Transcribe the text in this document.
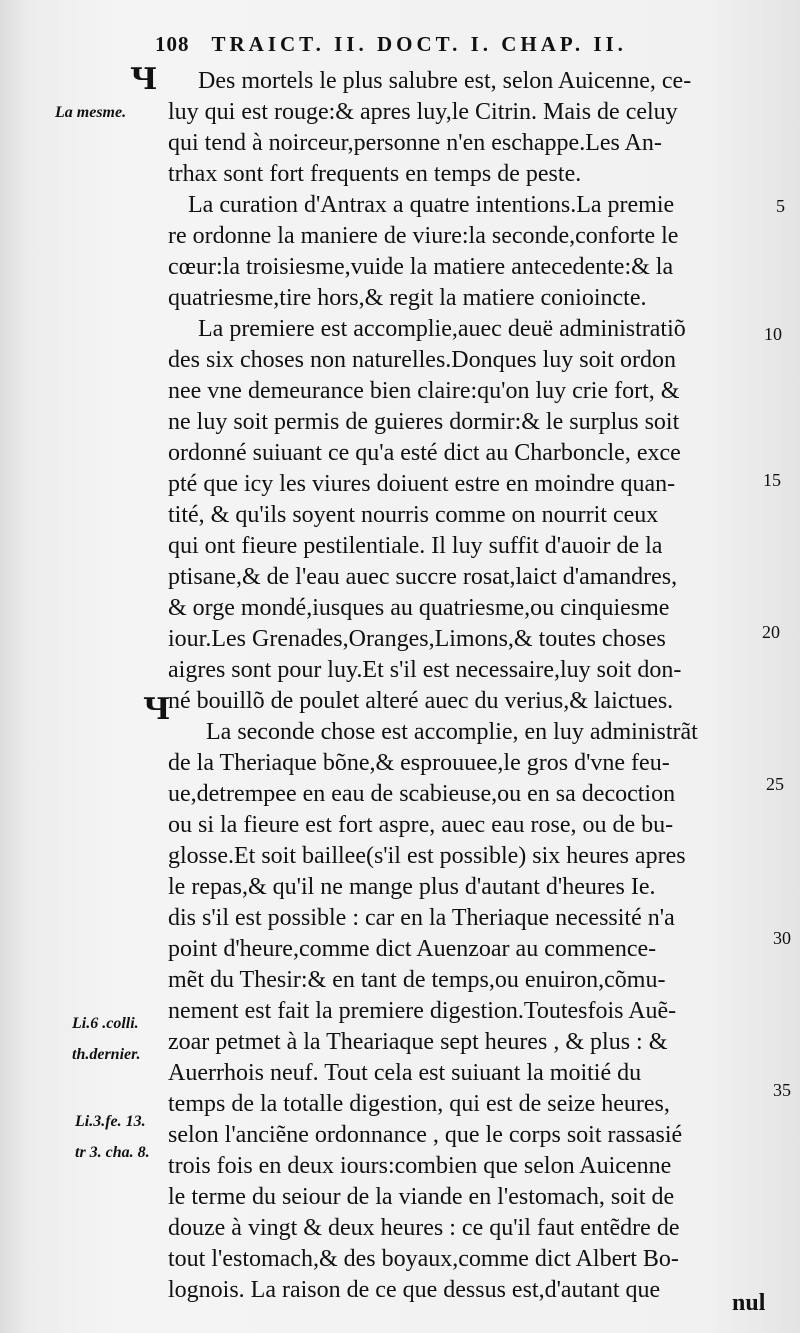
108 TRAICT. II. DOCT. I. CHAP. II.
Ч
Ч
La mesme.
Li.6 .colli.
th.dernier.
Li.3.fe. 13.
tr 3. cha. 8.
5
10
15
20
25
30
35
Des mortels le plus salubre est, selon Auicenne, ce-
luy qui est rouge:& apres luy,le Citrin. Mais de celuy
qui tend à noirceur,personne n'en eschappe.Les An-
trhax sont fort frequents en temps de peste.
La curation d'Antrax a quatre intentions.La premie
re ordonne la maniere de viure:la seconde,conforte le
cœur:la troisiesme,vuide la matiere antecedente:& la
quatriesme,tire hors,& regit la matiere conioincte.
La premiere est accomplie,auec deuë administratiõ
des six choses non naturelles.Donques luy soit ordon
nee vne demeurance bien claire:qu'on luy crie fort, &
ne luy soit permis de guieres dormir:& le surplus soit
ordonné suiuant ce qu'a esté dict au Charboncle, exce
pté que icy les viures doiuent estre en moindre quan-
tité, & qu'ils soyent nourris comme on nourrit ceux
qui ont fieure pestilentiale. Il luy suffit d'auoir de la
ptisane,& de l'eau auec succre rosat,laict d'amandres,
& orge mondé,iusques au quatriesme,ou cinquiesme
iour.Les Grenades,Oranges,Limons,& toutes choses
aigres sont pour luy.Et s'il est necessaire,luy soit don-
né bouillõ de poulet alteré auec du verius,& laictues.
La seconde chose est accomplie, en luy administrãt
de la Theriaque bõne,& esprouuee,le gros d'vne feu-
ue,detrempee en eau de scabieuse,ou en sa decoction
ou si la fieure est fort aspre, auec eau rose, ou de bu-
glosse.Et soit baillee(s'il est possible) six heures apres
le repas,& qu'il ne mange plus d'autant d'heures Ie.
dis s'il est possible : car en la Theriaque necessité n'a
point d'heure,comme dict Auenzoar au commence-
mẽt du Thesir:& en tant de temps,ou enuiron,cõmu-
nement est fait la premiere digestion.Toutesfois Auẽ-
zoar petmet à la Theariaque sept heures , & plus : &
Auerrhois neuf. Tout cela est suiuant la moitié du
temps de la totalle digestion, qui est de seize heures,
selon l'anciẽne ordonnance , que le corps soit rassasié
trois fois en deux iours:combien que selon Auicenne
le terme du seiour de la viande en l'estomach, soit de
douze à vingt & deux heures : ce qu'il faut entẽdre de
tout l'estomach,& des boyaux,comme dict Albert Bo-
lognois. La raison de ce que dessus est,d'autant que	nul
